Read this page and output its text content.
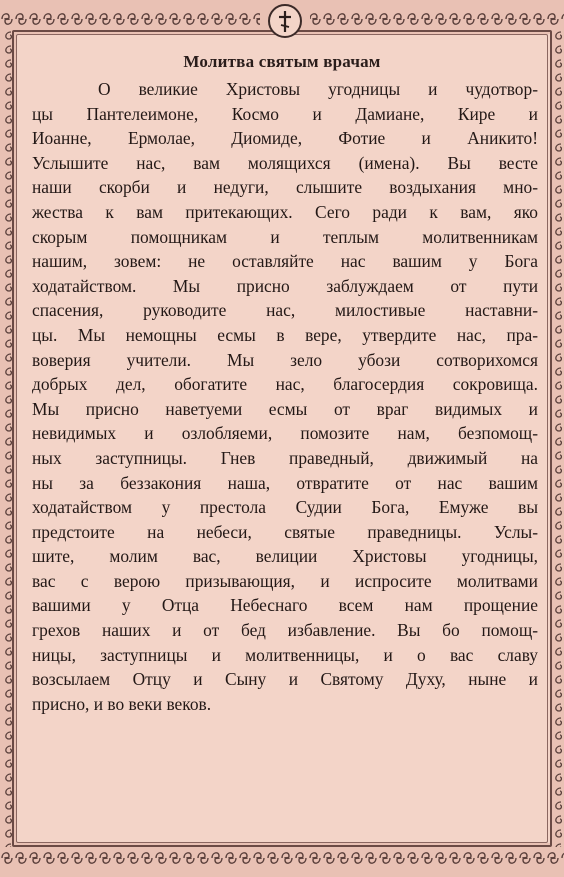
Молитва святым врачам
О великие Христовы угодницы и чудотвор-
цы Пантелеимоне, Космо и Дамиане, Кире и
Иоанне, Ермолае, Диомиде, Фотие и Аникито!
Услышите нас, вам молящихся (имена). Вы весте
наши скорби и недуги, слышите воздыхания мно-
жества к вам притекающих. Сего ради к вам, яко
скорым помощникам и теплым молитвенникам
нашим, зовем: не оставляйте нас вашим у Бога
ходатайством. Мы присно заблуждаем от пути
спасения, руководите нас, милостивые наставни-
цы. Мы немощны есмы в вере, утвердите нас, пра-
воверия учители. Мы зело убози сотворихомся
добрых дел, обогатите нас, благосердия сокровища.
Мы присно наветуеми есмы от враг видимых и
невидимых и озлобляеми, помозите нам, безпомощ-
ных заступницы. Гнев праведный, движимый на
ны за беззакония наша, отвратите от нас вашим
ходатайством у престола Судии Бога, Емуже вы
предстоите на небеси, святые праведницы. Услы-
шите, молим вас, велиции Христовы угодницы,
вас с верою призывающия, и испросите молитвами
вашими у Отца Небеснаго всем нам прощение
грехов наших и от бед избавление. Вы бо помощ-
ницы, заступницы и молитвенницы, и о вас славу
возсылаем Отцу и Сыну и Святому Духу, ныне и
присно, и во веки веков.
